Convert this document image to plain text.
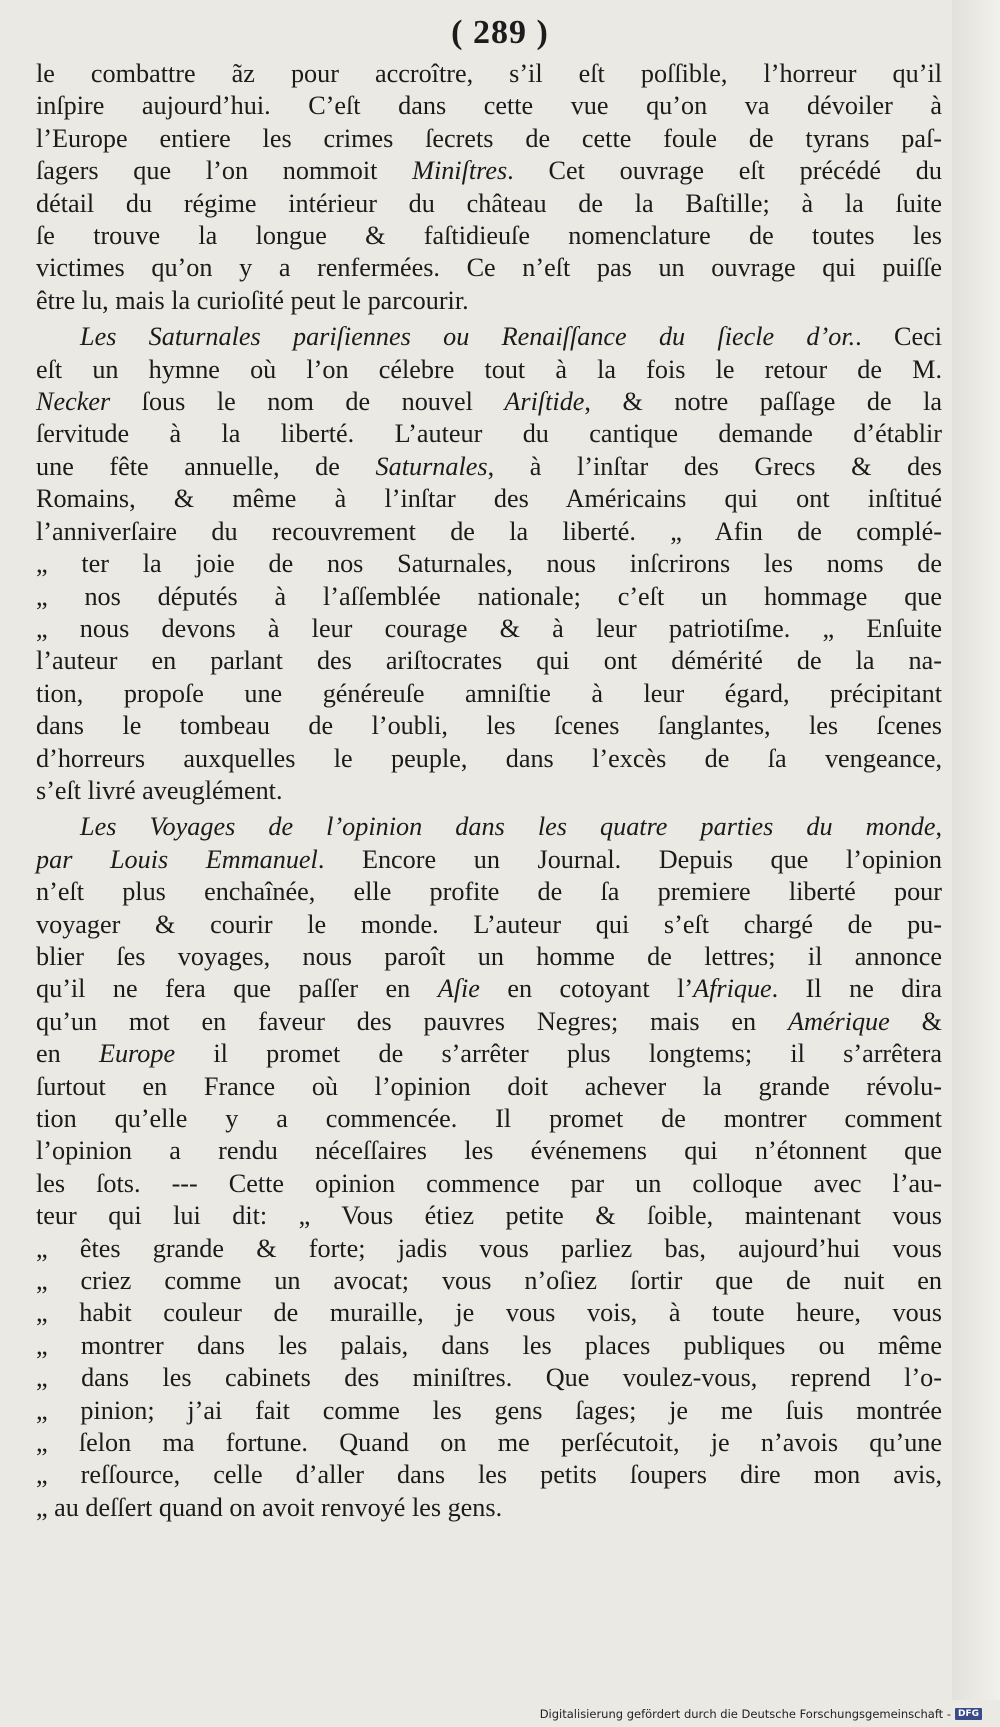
( 289 )
le combattre ãz pour accroître, s’il eſt poſſible, l’horreur qu’il
inſpire aujourd’hui. C’eſt dans cette vue qu’on va dévoiler à
l’Europe entiere les crimes ſecrets de cette foule de tyrans paſ-
ſagers que l’on nommoit Miniſtres. Cet ouvrage eſt précédé du
détail du régime intérieur du château de la Baſtille; à la ſuite
ſe trouve la longue & faſtidieuſe nomenclature de toutes les
victimes qu’on y a renfermées. Ce n’eſt pas un ouvrage qui puiſſe
être lu, mais la curioſité peut le parcourir.
Les Saturnales pariſiennes ou Renaiſſance du ſiecle d’or.. Ceci
eſt un hymne où l’on célebre tout à la fois le retour de M.
Necker ſous le nom de nouvel Ariſtide, & notre paſſage de la
ſervitude à la liberté. L’auteur du cantique demande d’établir
une fête annuelle, de Saturnales, à l’inſtar des Grecs & des
Romains, & même à l’inſtar des Américains qui ont inſtitué
l’anniverſaire du recouvrement de la liberté. „ Afin de complé-
„ ter la joie de nos Saturnales, nous inſcrirons les noms de
„ nos députés à l’aſſemblée nationale; c’eſt un hommage que
„ nous devons à leur courage & à leur patriotiſme. „ Enſuite
l’auteur en parlant des ariſtocrates qui ont démérité de la na-
tion, propoſe une généreuſe amniſtie à leur égard, précipitant
dans le tombeau de l’oubli, les ſcenes ſanglantes, les ſcenes
d’horreurs auxquelles le peuple, dans l’excès de ſa vengeance,
s’eſt livré aveuglément.
Les Voyages de l’opinion dans les quatre parties du monde,
par Louis Emmanuel. Encore un Journal. Depuis que l’opinion
n’eſt plus enchaînée, elle profite de ſa premiere liberté pour
voyager & courir le monde. L’auteur qui s’eſt chargé de pu-
blier ſes voyages, nous paroît un homme de lettres; il annonce
qu’il ne fera que paſſer en Aſie en cotoyant l’Afrique. Il ne dira
qu’un mot en faveur des pauvres Negres; mais en Amérique &
en Europe il promet de s’arrêter plus longtems; il s’arrêtera
ſurtout en France où l’opinion doit achever la grande révolu-
tion qu’elle y a commencée. Il promet de montrer comment
l’opinion a rendu néceſſaires les événemens qui n’étonnent que
les ſots. --- Cette opinion commence par un colloque avec l’au-
teur qui lui dit: „ Vous étiez petite & ſoible, maintenant vous
„ êtes grande & forte; jadis vous parliez bas, aujourd’hui vous
„ criez comme un avocat; vous n’oſiez ſortir que de nuit en
„ habit couleur de muraille, je vous vois, à toute heure, vous
„ montrer dans les palais, dans les places publiques ou même
„ dans les cabinets des miniſtres. Que voulez-vous, reprend l’o-
„ pinion; j’ai fait comme les gens ſages; je me ſuis montrée
„ ſelon ma fortune. Quand on me perſécutoit, je n’avois qu’une
„ reſſource, celle d’aller dans les petits ſoupers dire mon avis,
„ au deſſert quand on avoit renvoyé les gens.
Digitalisierung gefördert durch die Deutsche Forschungsgemeinschaft - DFG
